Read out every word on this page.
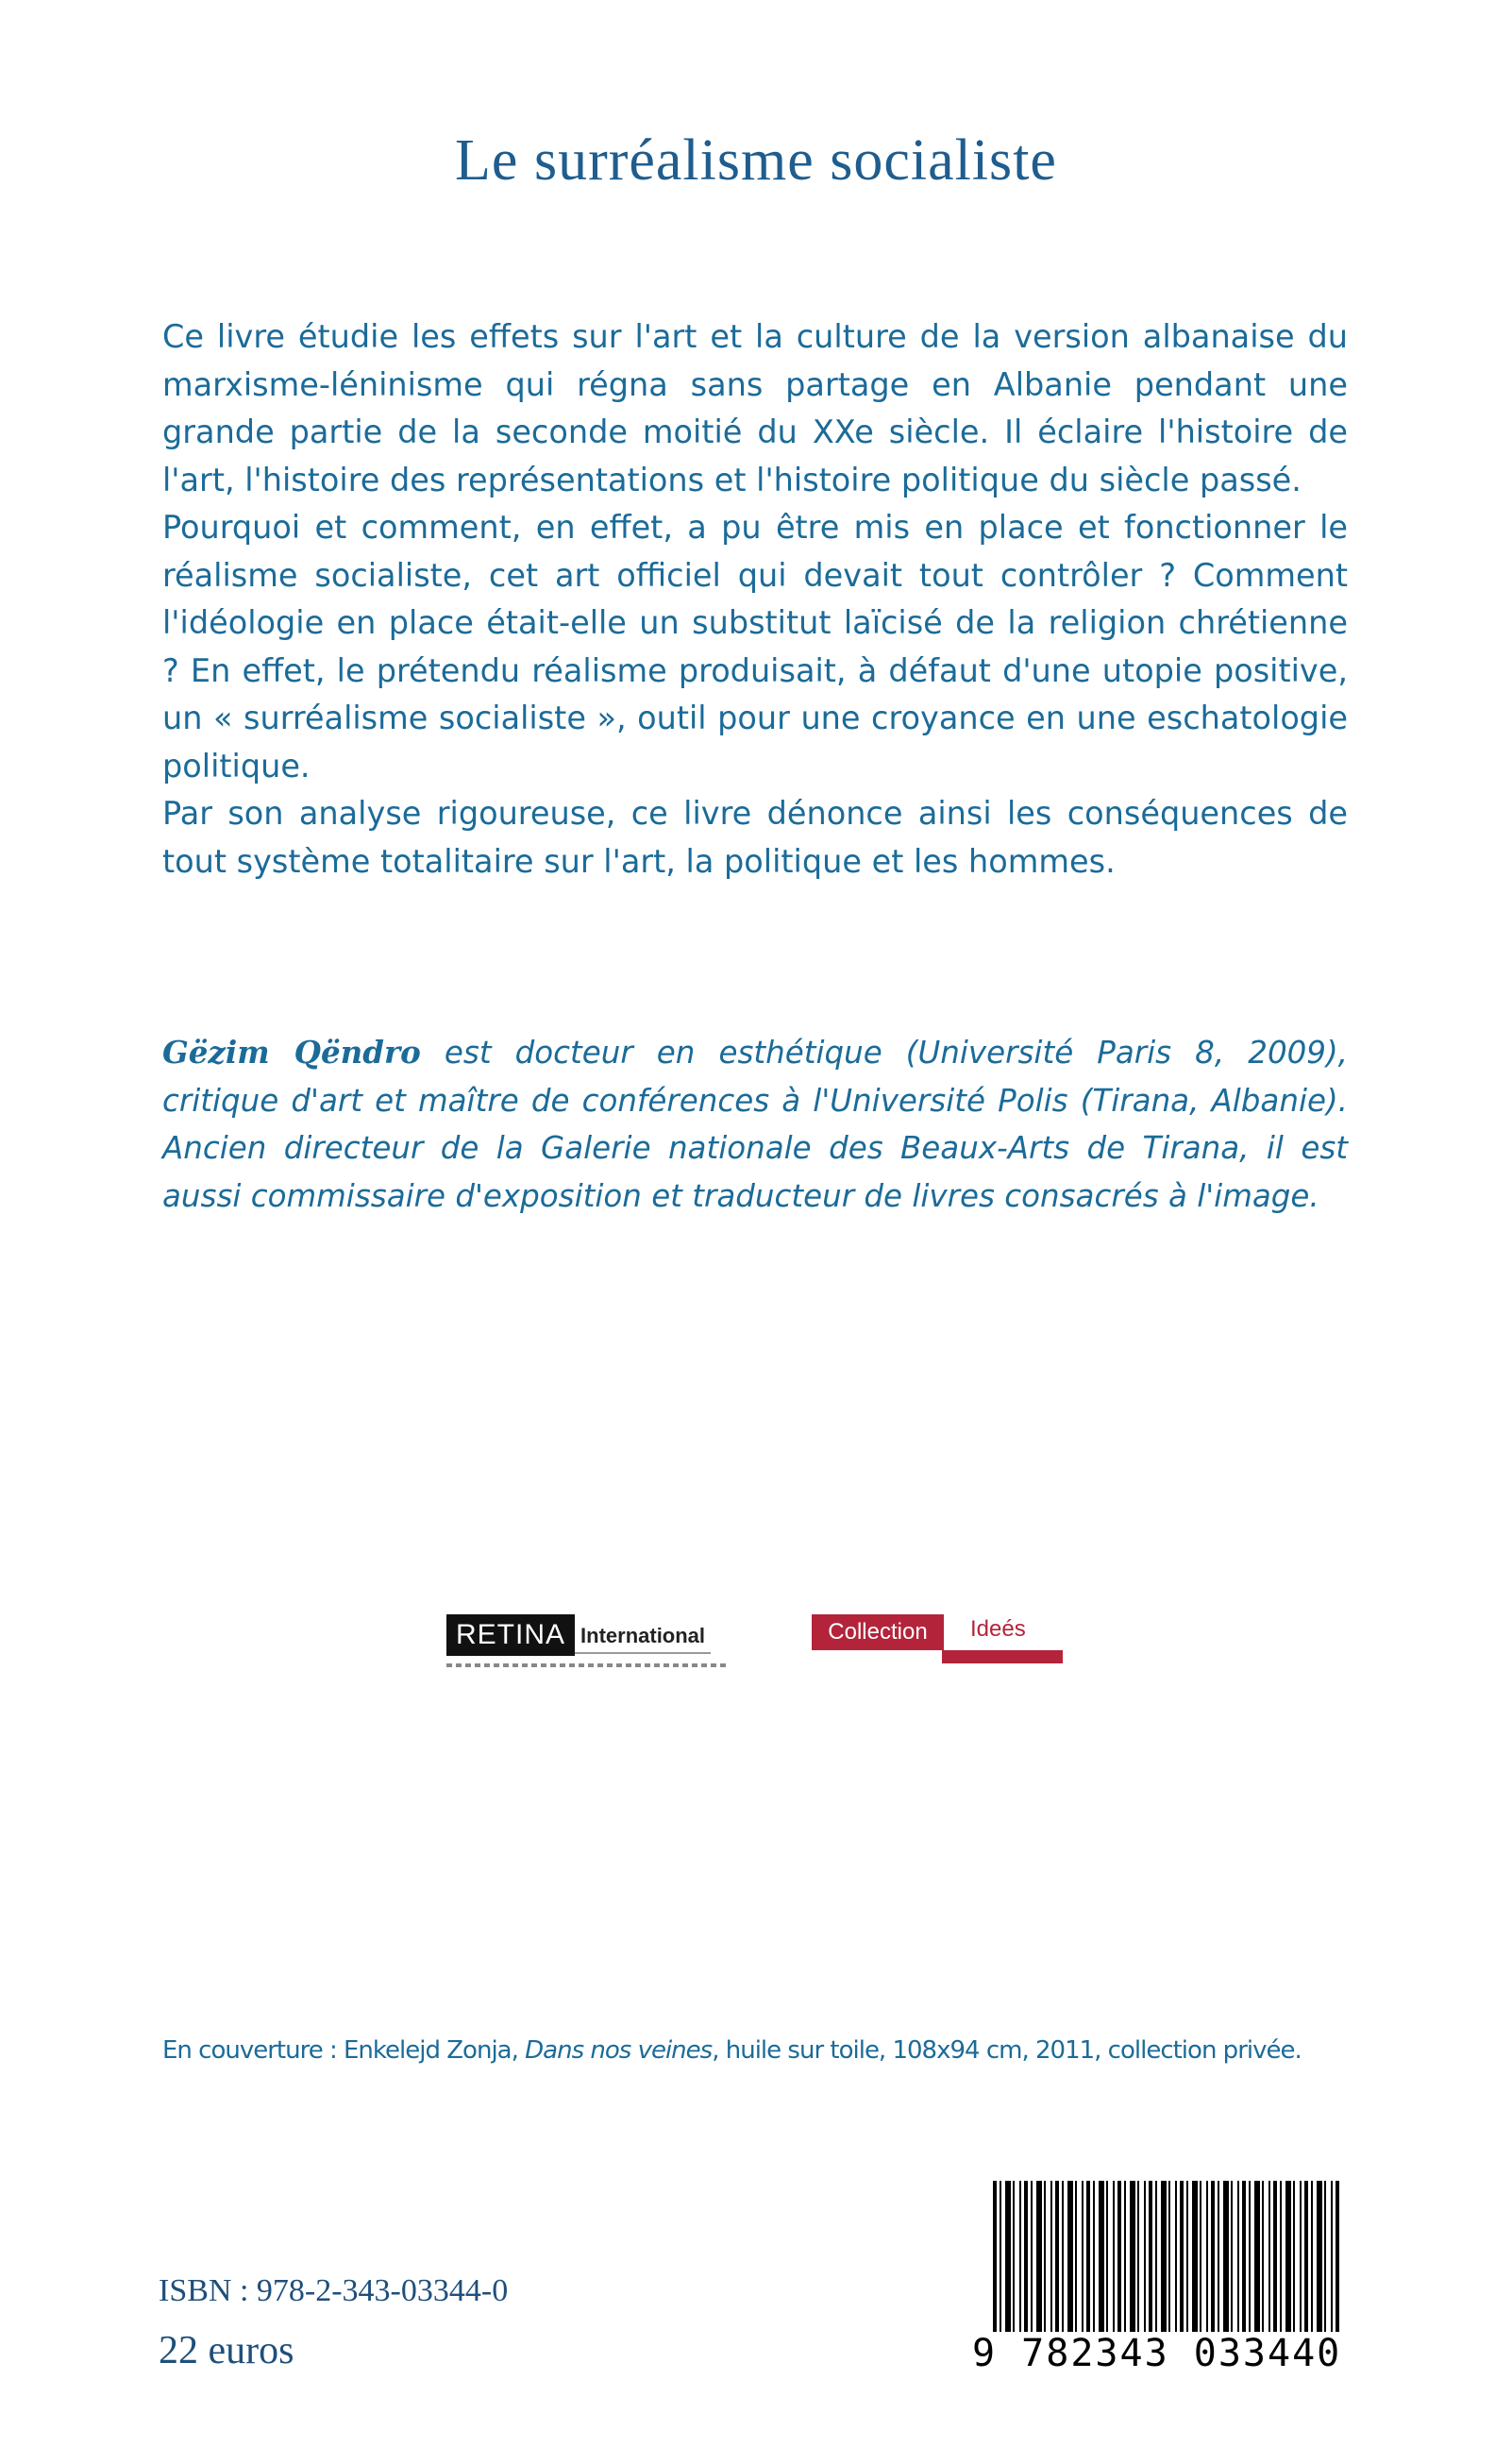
Le surréalisme socialiste

Ce livre étudie les effets sur l'art et la culture de la version albanaise du marxisme-léninisme qui régna sans partage en Albanie pendant une grande partie de la seconde moitié du XXe siècle. Il éclaire l'histoire de l'art, l'histoire des représentations et l'histoire politique du siècle passé.

Pourquoi et comment, en effet, a pu être mis en place et fonctionner le réalisme socialiste, cet art officiel qui devait tout contrôler ? Comment l'idéologie en place était-elle un substitut laïcisé de la religion chrétienne ? En effet, le prétendu réalisme produisait, à défaut d'une utopie positive, un « surréalisme socialiste », outil pour une croyance en une eschatologie politique.

Par son analyse rigoureuse, ce livre dénonce ainsi les conséquences de tout système totalitaire sur l'art, la politique et les hommes.

Gëzim Qëndro est docteur en esthétique (Université Paris 8, 2009), critique d'art et maître de conférences à l'Université Polis (Tirana, Albanie). Ancien directeur de la Galerie nationale des Beaux-Arts de Tirana, il est aussi commissaire d'exposition et traducteur de livres consacrés à l'image.
RETINA International	Collection	Ideés
En couverture : Enkelejd Zonja, Dans nos veines, huile sur toile, 108x94 cm, 2011, collection privée.
ISBN : 978-2-343-03344-0
22 euros	9 782343 033440
